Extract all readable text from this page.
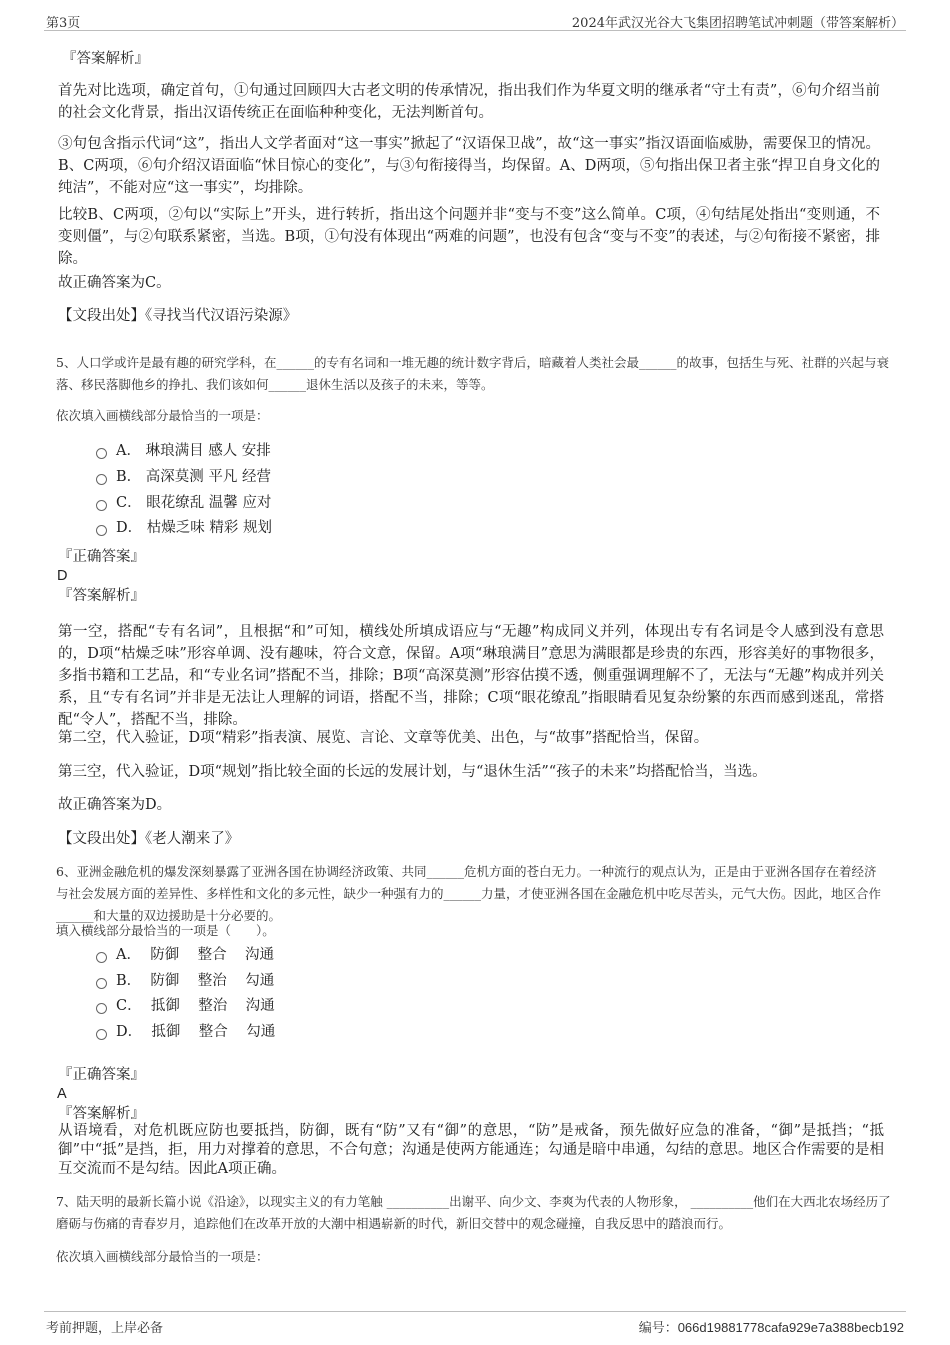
第3页	2024年武汉光谷大飞集团招聘笔试冲刺题（带答案解析）
『答案解析』

首先对比选项，确定首句，①句通过回顾四大古老文明的传承情况，指出我们作为华夏文明的继承者“守土有责”，⑥句介绍当前的社会文化背景，指出汉语传统正在面临种种变化，无法判断首句。

③句包含指示代词“这”，指出人文学者面对“这一事实”掀起了“汉语保卫战”，故“这一事实”指汉语面临威胁，需要保卫的情况。B、C两项，⑥句介绍汉语面临“怵目惊心的变化”，与③句衔接得当，均保留。A、D两项，⑤句指出保卫者主张“捍卫自身文化的纯洁”，不能对应“这一事实”，均排除。

比较B、C两项，②句以“实际上”开头，进行转折，指出这个问题并非“变与不变”这么简单。C项，④句结尾处指出“变则通，不变则僵”，与②句联系紧密，当选。B项，①句没有体现出“两难的问题”，也没有包含“变与不变”的表述，与②句衔接不紧密，排除。

故正确答案为C。

【文段出处】《寻找当代汉语污染源》

5、人口学或许是最有趣的研究学科，在______的专有名词和一堆无趣的统计数字背后，暗藏着人类社会最______的故事，包括生与死、社群的兴起与衰落、移民落脚他乡的挣扎、我们该如何______退休生活以及孩子的未来，等等。

依次填入画横线部分最恰当的一项是：

A． 琳琅满目 感人 安排
B． 高深莫测 平凡 经营
C． 眼花缭乱 温馨 应对
D． 枯燥乏味 精彩 规划
『正确答案』
D
『答案解析』

第一空，搭配“专有名词”，且根据“和”可知，横线处所填成语应与“无趣”构成同义并列，体现出专有名词是令人感到没有意思的，D项“枯燥乏味”形容单调、没有趣味，符合文意，保留。A项“琳琅满目”意思为满眼都是珍贵的东西，形容美好的事物很多，多指书籍和工艺品，和“专业名词”搭配不当，排除；B项“高深莫测”形容估摸不透，侧重强调理解不了，无法与“无趣”构成并列关系，且“专有名词”并非是无法让人理解的词语，搭配不当，排除；C项“眼花缭乱”指眼睛看见复杂纷繁的东西而感到迷乱，常搭配“令人”，搭配不当，排除。

第二空，代入验证，D项“精彩”指表演、展览、言论、文章等优美、出色，与“故事”搭配恰当，保留。

第三空，代入验证，D项“规划”指比较全面的长远的发展计划，与“退休生活”“孩子的未来”均搭配恰当，当选。

故正确答案为D。

【文段出处】《老人潮来了》

6、亚洲金融危机的爆发深刻暴露了亚洲各国在协调经济政策、共同______危机方面的苍白无力。一种流行的观点认为，正是由于亚洲各国存在着经济与社会发展方面的差异性、多样性和文化的多元性，缺少一种强有力的______力量，才使亚洲各国在金融危机中吃尽苦头，元气大伤。因此，地区合作______和大量的双边援助是十分必要的。

填入横线部分最恰当的一项是（　　）。

A．  防御    整合    沟通
B．  防御    整治    勾通
C．  抵御    整治    沟通
D．  抵御    整合    勾通
『正确答案』
A
『答案解析』

从语境看，对危机既应防也要抵挡，防御，既有“防”又有“御”的意思，“防”是戒备，预先做好应急的准备，“御”是抵挡；“抵御”中“抵”是挡，拒，用力对撑着的意思，不合句意；沟通是使两方能通连；勾通是暗中串通，勾结的意思。地区合作需要的是相互交流而不是勾结。因此A项正确。

7、陆天明的最新长篇小说《沿途》，以现实主义的有力笔触 __________出谢平、向少文、李爽为代表的人物形象， __________他们在大西北农场经历了磨砺与伤痛的青春岁月，追踪他们在改革开放的大潮中相遇崭新的时代，新旧交替中的观念碰撞，自我反思中的踏浪而行。

依次填入画横线部分最恰当的一项是：

考前押题，上岸必备	编号：066d19881778cafa929e7a388becb192
